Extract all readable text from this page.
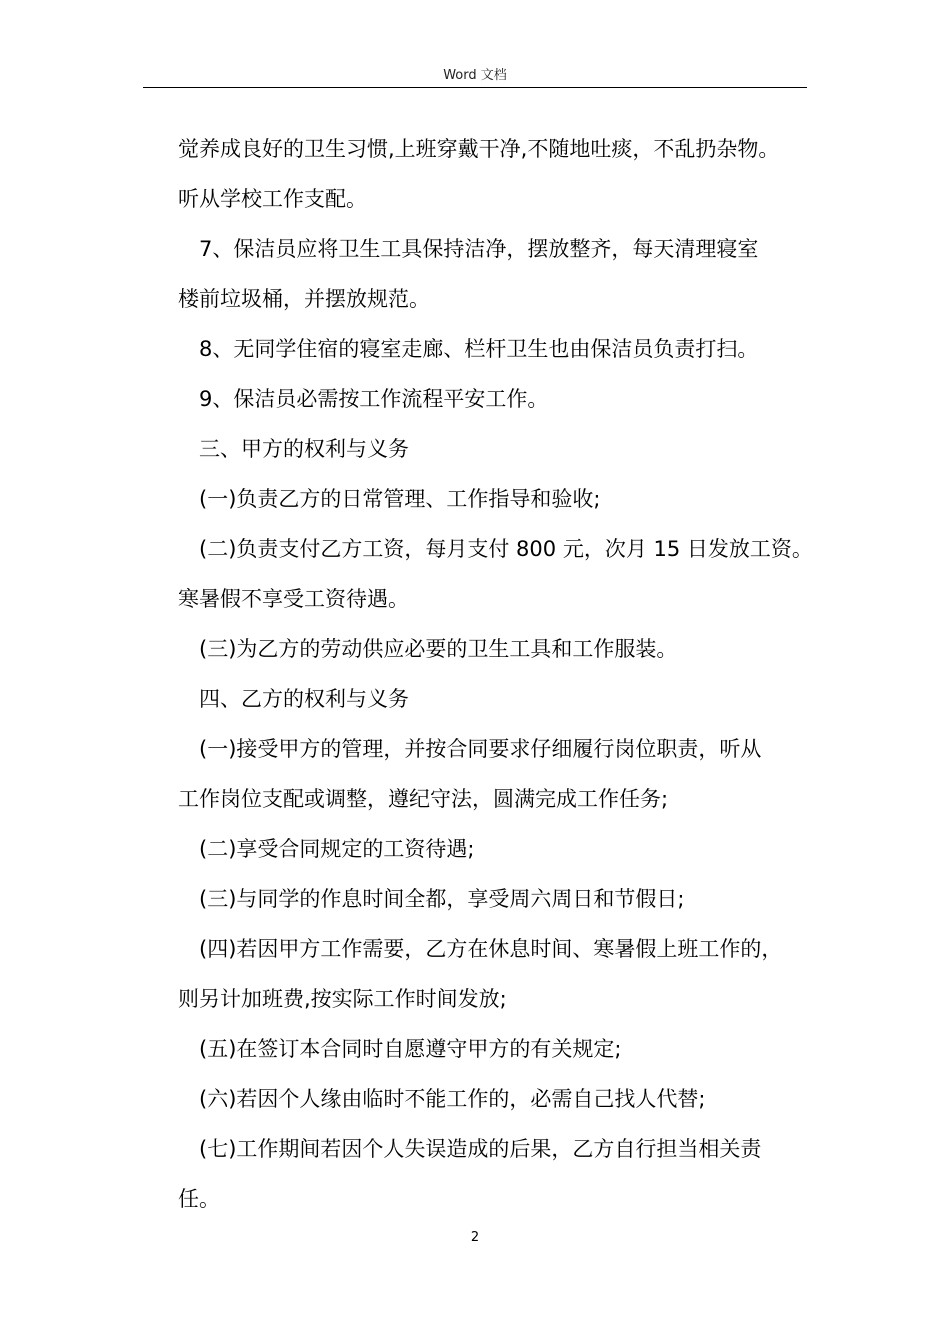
Word 文档
觉养成良好的卫生习惯,上班穿戴干净,不随地吐痰，不乱扔杂物。
听从学校工作支配。
7、保洁员应将卫生工具保持洁净，摆放整齐，每天清理寝室
楼前垃圾桶，并摆放规范。
8、无同学住宿的寝室走廊、栏杆卫生也由保洁员负责打扫。
9、保洁员必需按工作流程平安工作。
三、甲方的权利与义务
(一)负责乙方的日常管理、工作指导和验收;
(二)负责支付乙方工资，每月支付 800 元，次月 15 日发放工资。
寒暑假不享受工资待遇。
(三)为乙方的劳动供应必要的卫生工具和工作服装。
四、乙方的权利与义务
(一)接受甲方的管理，并按合同要求仔细履行岗位职责，听从
工作岗位支配或调整，遵纪守法，圆满完成工作任务;
(二)享受合同规定的工资待遇;
(三)与同学的作息时间全都，享受周六周日和节假日;
(四)若因甲方工作需要，乙方在休息时间、寒暑假上班工作的，
则另计加班费,按实际工作时间发放;
(五)在签订本合同时自愿遵守甲方的有关规定;
(六)若因个人缘由临时不能工作的，必需自己找人代替;
(七)工作期间若因个人失误造成的后果，乙方自行担当相关责
任。
2
